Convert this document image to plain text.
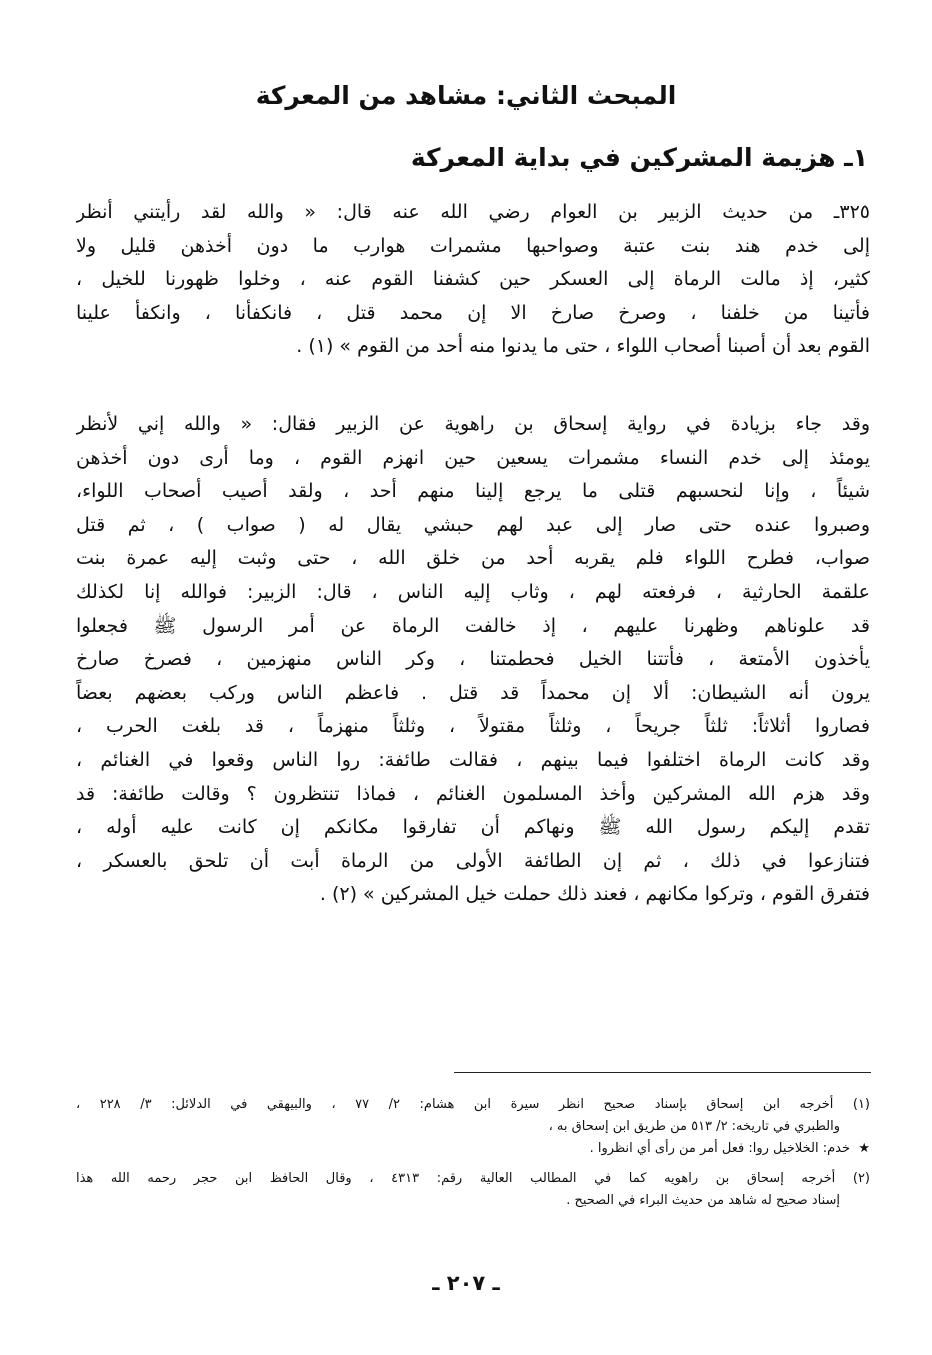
المبحث الثاني: مشاهد من المعركة
١ـ هزيمة المشركين في بداية المعركة
٣٢٥ـ من حديث الزبير بن العوام رضي الله عنه قال: « والله لقد رأيتني أنظر
إلى خدم هند بنت عتبة وصواحبها مشمرات هوارب ما دون أخذهن قليل ولا
كثير، إذ مالت الرماة إلى العسكر حين كشفنا القوم عنه ، وخلوا ظهورنا للخيل ،
فأتينا من خلفنا ، وصرخ صارخ الا إن محمد قتل ، فانكفأنا ، وانكفأ علينا
القوم بعد أن أصبنا أصحاب اللواء ، حتى ما يدنوا منه أحد من القوم » (١) .
وقد جاء بزيادة في رواية إسحاق بن راهوية عن الزبير فقال: « والله إني لأنظر
يومئذ إلى خدم النساء مشمرات يسعين حين انهزم القوم ، وما أرى دون أخذهن
شيئاً ، وإنا لنحسبهم قتلى ما يرجع إلينا منهم أحد ، ولقد أصيب أصحاب اللواء،
وصبروا عنده حتى صار إلى عبد لهم حبشي يقال له ( صواب ) ، ثم قتل
صواب، فطرح اللواء فلم يقربه أحد من خلق الله ، حتى وثبت إليه عمرة بنت
علقمة الحارثية ، فرفعته لهم ، وثاب إليه الناس ، قال: الزبير: فوالله إنا لكذلك
قد علوناهم وظهرنا عليهم ، إذ خالفت الرماة عن أمر الرسول ﷺ فجعلوا
يأخذون الأمتعة ، فأتتنا الخيل فحطمتنا ، وكر الناس منهزمين ، فصرخ صارخ
يرون أنه الشيطان: ألا إن محمداً قد قتل . فاعظم الناس وركب بعضهم بعضاً
فصاروا أثلاثاً: ثلثاً جريحاً ، وثلثاً مقتولاً ، وثلثاً منهزماً ، قد بلغت الحرب ،
وقد كانت الرماة اختلفوا فيما بينهم ، فقالت طائفة: روا الناس وقعوا في الغنائم ،
وقد هزم الله المشركين وأخذ المسلمون الغنائم ، فماذا تنتظرون ؟ وقالت طائفة: قد
تقدم إليكم رسول الله ﷺ ونهاكم أن تفارقوا مكانكم إن كانت عليه أوله ،
فتنازعوا في ذلك ، ثم إن الطائفة الأولى من الرماة أبت أن تلحق بالعسكر ،
فتفرق القوم ، وتركوا مكانهم ، فعند ذلك حملت خيل المشركين » (٢) .
(١) أخرجه ابن إسحاق بإسناد صحيح انظر سيرة ابن هشام: ٢/ ٧٧ ، والبيهقي في الدلائل: ٣/ ٢٢٨ ،
والطبري في تاريخه: ٢/ ٥١٣ من طريق ابن إسحاق به ،
★خدم: الخلاخيل روا: فعل أمر من رأى أي انظروا .
(٢) أخرجه إسحاق بن راهويه كما في المطالب العالية رقم: ٤٣١٣ ، وقال الحافظ ابن حجر رحمه الله هذا
إسناد صحيح له شاهد من حديث البراء في الصحيح .
ـ ٢٠٧ ـ
